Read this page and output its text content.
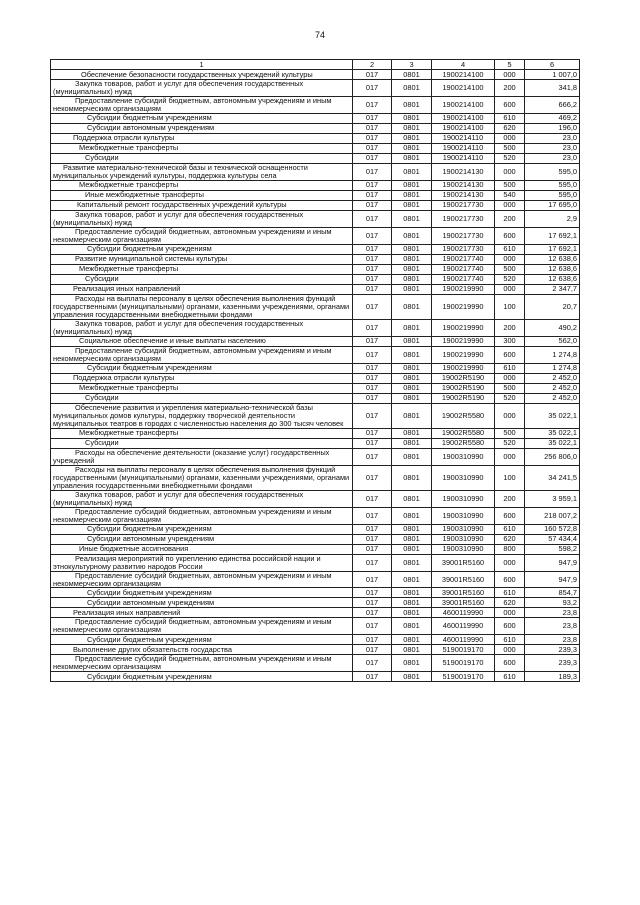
74
1	2	3	4	5	6
Обеспечение безопасности государственных учреждений культуры	017	0801	1900214100	000	1 007,0
Закупка товаров, работ и услуг для обеспечения государственных (муниципальных) нужд	017	0801	1900214100	200	341,8
Предоставление субсидий бюджетным, автономным учреждениям и иным некоммерческим организациям	017	0801	1900214100	600	666,2
Субсидии бюджетным учреждениям	017	0801	1900214100	610	469,2
Субсидии автономным учреждениям	017	0801	1900214100	620	196,0
Поддержка отрасли культуры	017	0801	1900214110	000	23,0
Межбюджетные трансферты	017	0801	1900214110	500	23,0
Субсидии	017	0801	1900214110	520	23,0
Развитие материально-технической базы и технической оснащенности муниципальных учреждений культуры, поддержка культуры села	017	0801	1900214130	000	595,0
Межбюджетные трансферты	017	0801	1900214130	500	595,0
Иные межбюджетные трансферты	017	0801	1900214130	540	595,0
Капитальный ремонт государственных учреждений культуры	017	0801	1900217730	000	17 695,0
Закупка товаров, работ и услуг для обеспечения государственных (муниципальных) нужд	017	0801	1900217730	200	2,9
Предоставление субсидий бюджетным, автономным учреждениям и иным некоммерческим организациям	017	0801	1900217730	600	17 692,1
Субсидии бюджетным учреждениям	017	0801	1900217730	610	17 692,1
Развитие муниципальной системы культуры	017	0801	1900217740	000	12 638,6
Межбюджетные трансферты	017	0801	1900217740	500	12 638,6
Субсидии	017	0801	1900217740	520	12 638,6
Реализация иных направлений	017	0801	1900219990	000	2 347,7
Расходы на выплаты персоналу в целях обеспечения выполнения функций государственными (муниципальными) органами, казенными учреждениями, органами управления государственными внебюджетными фондами	017	0801	1900219990	100	20,7
Закупка товаров, работ и услуг для обеспечения государственных (муниципальных) нужд	017	0801	1900219990	200	490,2
Социальное обеспечение и иные выплаты населению	017	0801	1900219990	300	562,0
Предоставление субсидий бюджетным, автономным учреждениям и иным некоммерческим организациям	017	0801	1900219990	600	1 274,8
Субсидии бюджетным учреждениям	017	0801	1900219990	610	1 274,8
Поддержка отрасли культуры	017	0801	19002R5190	000	2 452,0
Межбюджетные трансферты	017	0801	19002R5190	500	2 452,0
Субсидии	017	0801	19002R5190	520	2 452,0
Обеспечение развития и укрепления материально-технической базы муниципальных домов культуры, поддержку творческой деятельности муниципальных театров в городах с численностью населения до 300 тысяч человек	017	0801	19002R5580	000	35 022,1
Межбюджетные трансферты	017	0801	19002R5580	500	35 022,1
Субсидии	017	0801	19002R5580	520	35 022,1
Расходы на обеспечение деятельности (оказание услуг) государственных учреждений	017	0801	1900310990	000	256 806,0
Расходы на выплаты персоналу в целях обеспечения выполнения функций государственными (муниципальными) органами, казенными учреждениями, органами управления государственными внебюджетными фондами	017	0801	1900310990	100	34 241,5
Закупка товаров, работ и услуг для обеспечения государственных (муниципальных) нужд	017	0801	1900310990	200	3 959,1
Предоставление субсидий бюджетным, автономным учреждениям и иным некоммерческим организациям	017	0801	1900310990	600	218 007,2
Субсидии бюджетным учреждениям	017	0801	1900310990	610	160 572,8
Субсидии автономным учреждениям	017	0801	1900310990	620	57 434,4
Иные бюджетные ассигнования	017	0801	1900310990	800	598,2
Реализация мероприятий по укреплению единства российской нации и этнокультурному развитию народов России	017	0801	39001R5160	000	947,9
Предоставление субсидий бюджетным, автономным учреждениям и иным некоммерческим организациям	017	0801	39001R5160	600	947,9
Субсидии бюджетным учреждениям	017	0801	39001R5160	610	854,7
Субсидии автономным учреждениям	017	0801	39001R5160	620	93,2
Реализация иных направлений	017	0801	4600119990	000	23,8
Предоставление субсидий бюджетным, автономным учреждениям и иным некоммерческим организациям	017	0801	4600119990	600	23,8
Субсидии бюджетным учреждениям	017	0801	4600119990	610	23,8
Выполнение других обязательств государства	017	0801	5190019170	000	239,3
Предоставление субсидий бюджетным, автономным учреждениям и иным некоммерческим организациям	017	0801	5190019170	600	239,3
Субсидии бюджетным учреждениям	017	0801	5190019170	610	189,3
